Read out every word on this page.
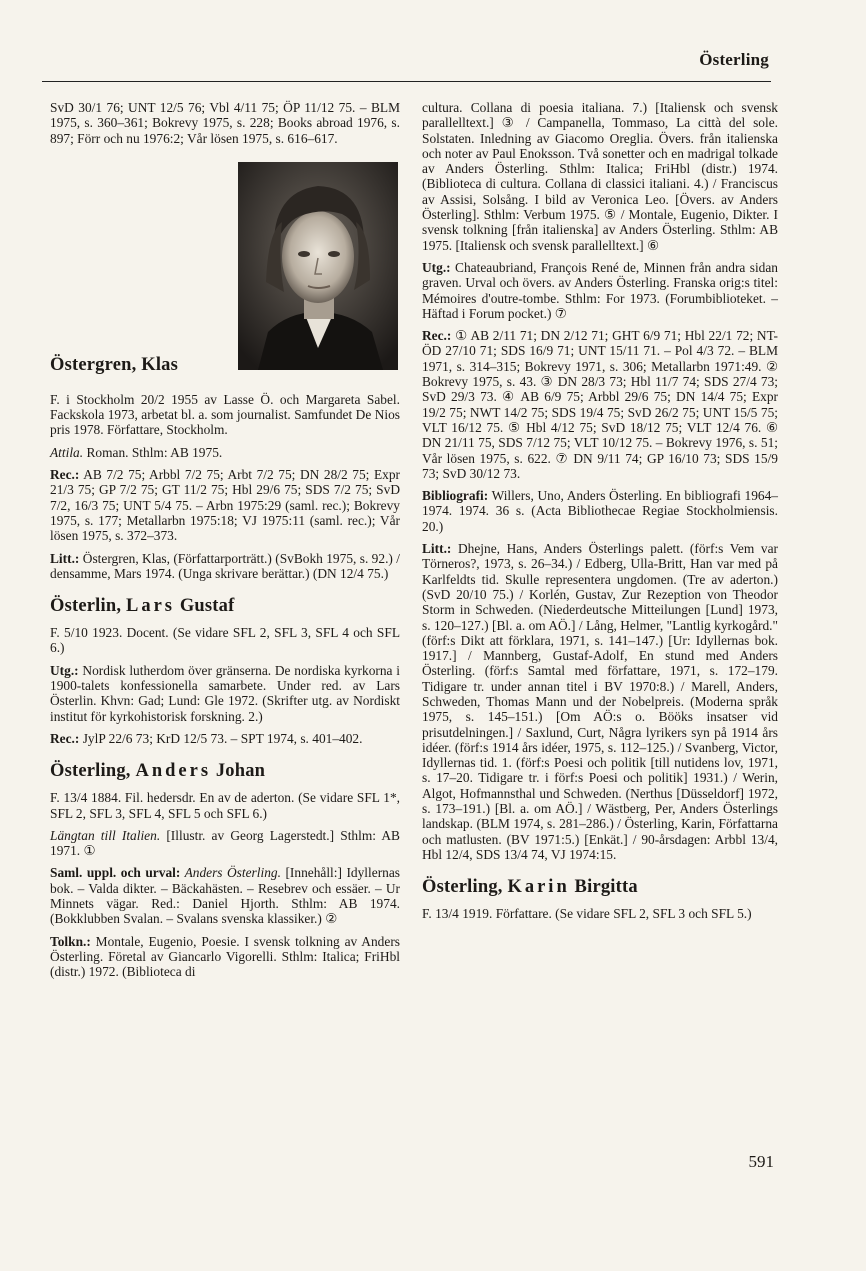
Österling

SvD 30/1 76; UNT 12/5 76; Vbl 4/11 75; ÖP 11/12 75. – BLM 1975, s. 360–361; Bokrevy 1975, s. 228; Books abroad 1976, s. 897; Förr och nu 1976:2; Vår lösen 1975, s. 616–617.

Östergren, Klas

F. i Stockholm 20/2 1955 av Lasse Ö. och Margareta Sabel. Fackskola 1973, arbetat bl. a. som journalist. Samfundet De Nios pris 1978. Författare, Stockholm.

Attila. Roman. Sthlm: AB 1975.

Rec.: AB 7/2 75; Arbbl 7/2 75; Arbt 7/2 75; DN 28/2 75; Expr 21/3 75; GP 7/2 75; GT 11/2 75; Hbl 29/6 75; SDS 7/2 75; SvD 7/2, 16/3 75; UNT 5/4 75. – Arbn 1975:29 (saml. rec.); Bokrevy 1975, s. 177; Metallarbn 1975:18; VJ 1975:11 (saml. rec.); Vår lösen 1975, s. 372–373.

Litt.: Östergren, Klas, (Författarporträtt.) (SvBokh 1975, s. 92.) / densamme, Mars 1974. (Unga skrivare berättar.) (DN 12/4 75.)

Österlin, Lars Gustaf

F. 5/10 1923. Docent. (Se vidare SFL 2, SFL 3, SFL 4 och SFL 6.)

Utg.: Nordisk lutherdom över gränserna. De nordiska kyrkorna i 1900-talets konfessionella samarbete. Under red. av Lars Österlin. Khvn: Gad; Lund: Gle 1972. (Skrifter utg. av Nordiskt institut för kyrkohistorisk forskning. 2.)

Rec.: JylP 22/6 73; KrD 12/5 73. – SPT 1974, s. 401–402.

Österling, Anders Johan

F. 13/4 1884. Fil. hedersdr. En av de aderton. (Se vidare SFL 1*, SFL 2, SFL 3, SFL 4, SFL 5 och SFL 6.)

Längtan till Italien. [Illustr. av Georg Lagerstedt.] Sthlm: AB 1971. ①

Saml. uppl. och urval: Anders Österling. [Innehåll:] Idyllernas bok. – Valda dikter. – Bäckahästen. – Resebrev och essäer. – Ur Minnets vägar. Red.: Daniel Hjorth. Sthlm: AB 1974. (Bokklubben Svalan. – Svalans svenska klassiker.) ②

Tolkn.: Montale, Eugenio, Poesie. I svensk tolkning av Anders Österling. Företal av Giancarlo Vigorelli. Sthlm: Italica; FriHbl (distr.) 1972. (Biblioteca di

cultura. Collana di poesia italiana. 7.) [Italiensk och svensk parallelltext.] ③ / Campanella, Tommaso, La città del sole. Solstaten. Inledning av Giacomo Oreglia. Övers. från italienska och noter av Paul Enoksson. Två sonetter och en madrigal tolkade av Anders Österling. Sthlm: Italica; FriHbl (distr.) 1974. (Biblioteca di cultura. Collana di classici italiani. 4.) / Franciscus av Assisi, Solsång. I bild av Veronica Leo. [Övers. av Anders Österling]. Sthlm: Verbum 1975. ⑤ / Montale, Eugenio, Dikter. I svensk tolkning [från italienska] av Anders Österling. Sthlm: AB 1975. [Italiensk och svensk parallelltext.] ⑥

Utg.: Chateaubriand, François René de, Minnen från andra sidan graven. Urval och övers. av Anders Österling. Franska orig:s titel: Mémoires d'outre-tombe. Sthlm: For 1973. (Forumbiblioteket. – Häftad i Forum pocket.) ⑦

Rec.: ① AB 2/11 71; DN 2/12 71; GHT 6/9 71; Hbl 22/1 72; NT-ÖD 27/10 71; SDS 16/9 71; UNT 15/11 71. – Pol 4/3 72. – BLM 1971, s. 314–315; Bokrevy 1971, s. 306; Metallarbn 1971:49. ② Bokrevy 1975, s. 43. ③ DN 28/3 73; Hbl 11/7 74; SDS 27/4 73; SvD 29/3 73. ④ AB 6/9 75; Arbbl 29/6 75; DN 14/4 75; Expr 19/2 75; NWT 14/2 75; SDS 19/4 75; SvD 26/2 75; UNT 15/5 75; VLT 16/12 75. ⑤ Hbl 4/12 75; SvD 18/12 75; VLT 12/4 76. ⑥ DN 21/11 75, SDS 7/12 75; VLT 10/12 75. – Bokrevy 1976, s. 51; Vår lösen 1975, s. 622. ⑦ DN 9/11 74; GP 16/10 73; SDS 15/9 73; SvD 30/12 73.

Bibliografi: Willers, Uno, Anders Österling. En bibliografi 1964–1974. 1974. 36 s. (Acta Bibliothecae Regiae Stockholmiensis. 20.)

Litt.: Dhejne, Hans, Anders Österlings palett. (förf:s Vem var Törneros?, 1973, s. 26–34.) / Edberg, Ulla-Britt, Han var med på Karlfeldts tid. Skulle representera ungdomen. (Tre av aderton.) (SvD 20/10 75.) / Korlén, Gustav, Zur Rezeption von Theodor Storm in Schweden. (Niederdeutsche Mitteilungen [Lund] 1973, s. 120–127.) [Bl. a. om AÖ.] / Lång, Helmer, "Lantlig kyrkogård." (förf:s Dikt att förklara, 1971, s. 141–147.) [Ur: Idyllernas bok. 1917.] / Mannberg, Gustaf-Adolf, En stund med Anders Österling. (förf:s Samtal med författare, 1971, s. 172–179. Tidigare tr. under annan titel i BV 1970:8.) / Marell, Anders, Schweden, Thomas Mann und der Nobelpreis. (Moderna språk 1975, s. 145–151.) [Om AÖ:s o. Bööks insatser vid prisutdelningen.] / Saxlund, Curt, Några lyrikers syn på 1914 års idéer. (förf:s 1914 års idéer, 1975, s. 112–125.) / Svanberg, Victor, Idyllernas tid. 1. (förf:s Poesi och politik [till nutidens lov, 1971, s. 17–20. Tidigare tr. i förf:s Poesi och politik] 1931.) / Werin, Algot, Hofmannsthal und Schweden. (Nerthus [Düsseldorf] 1972, s. 173–191.) [Bl. a. om AÖ.] / Wästberg, Per, Anders Österlings landskap. (BLM 1974, s. 281–286.) / Österling, Karin, Författarna och matlusten. (BV 1971:5.) [Enkät.] / 90-årsdagen: Arbbl 13/4, Hbl 12/4, SDS 13/4 74, VJ 1974:15.

Österling, Karin Birgitta

F. 13/4 1919. Författare. (Se vidare SFL 2, SFL 3 och SFL 5.)

591
